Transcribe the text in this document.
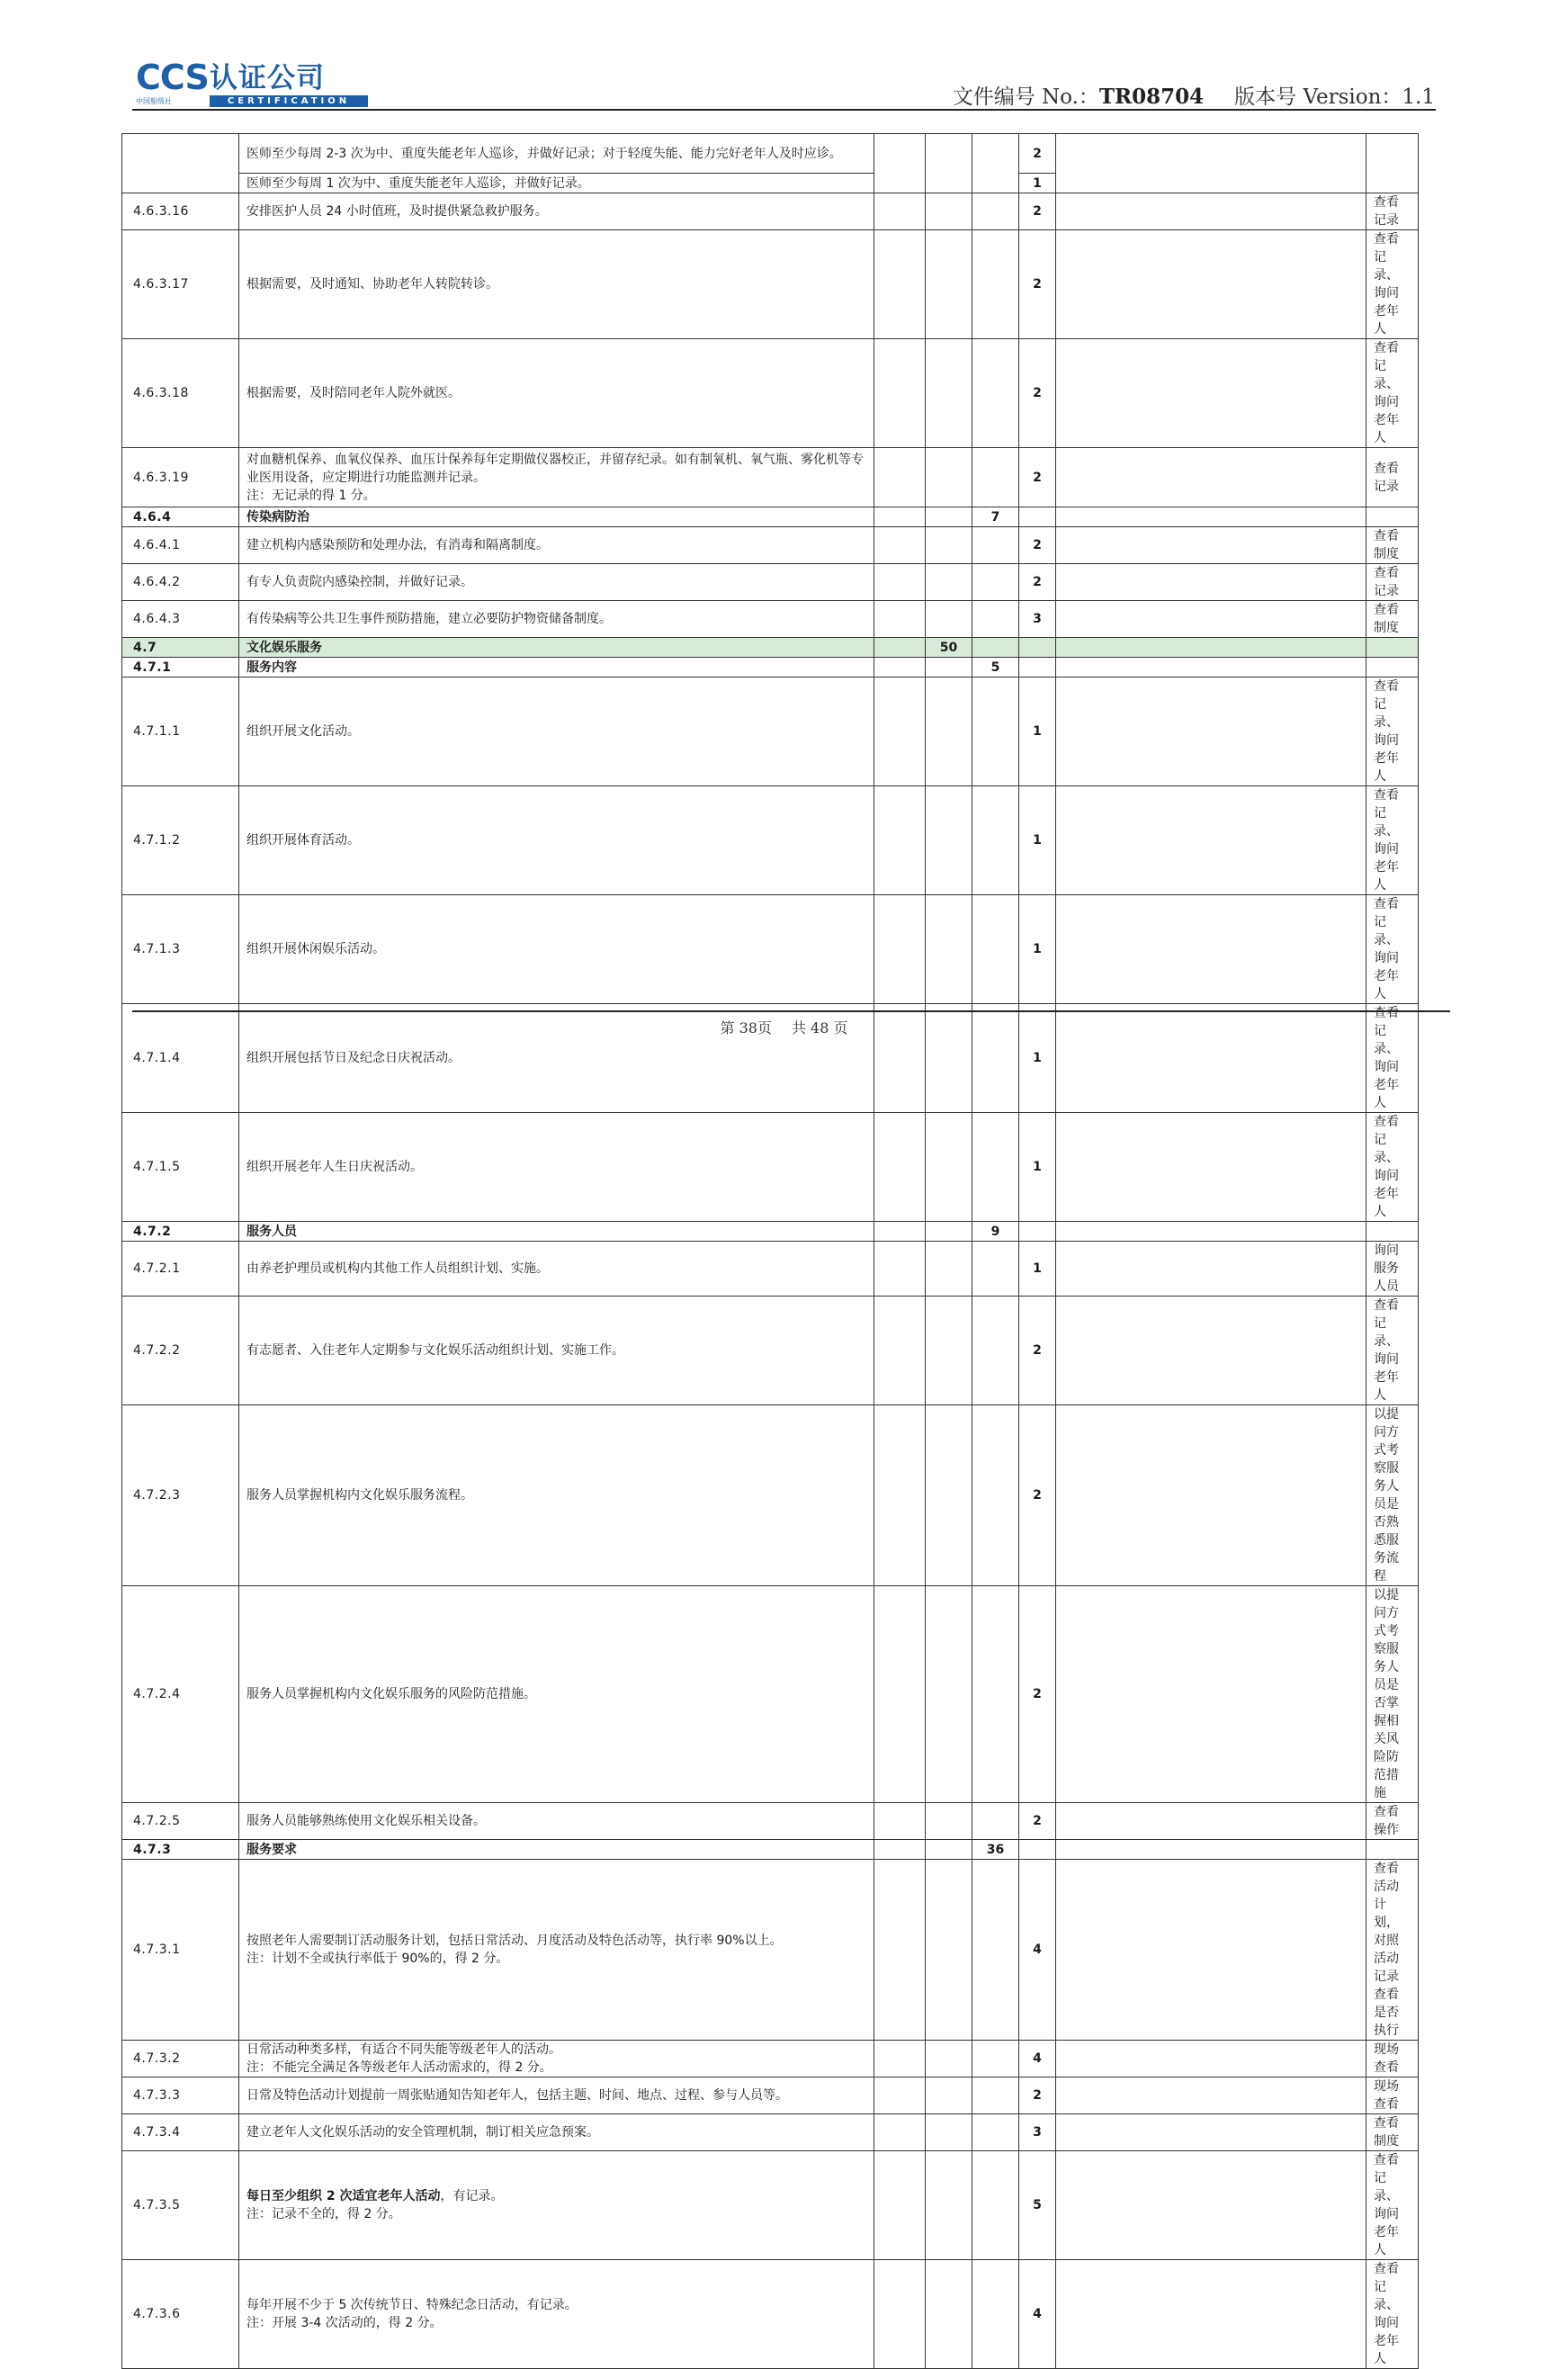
CCS 认证公司
中国船级社	CERTIFICATION	文件编号 No.：TR08704 版本号 Version：1.1
	医师至少每周 2-3 次为中、重度失能老年人巡诊，并做好记录；对于轻度失能、能力完好老年人及时应诊。				2		
	医师至少每周 1 次为中、重度失能老年人巡诊，并做好记录。				1		
4.6.3.16	安排医护人员 24 小时值班，及时提供紧急救护服务。				2		查看记录
4.6.3.17	根据需要，及时通知、协助老年人转院转诊。				2		查看记录、询问老年人
4.6.3.18	根据需要，及时陪同老年人院外就医。				2		查看记录、询问老年人
4.6.3.19	对血糖机保养、血氧仪保养、血压计保养每年定期做仪器校正，并留存纪录。如有制氧机、氧气瓶、雾化机等专业医用设备，应定期进行功能监测并记录。
注：无记录的得 1 分。				2		查看记录
4.6.4	传染病防治			7			
4.6.4.1	建立机构内感染预防和处理办法，有消毒和隔离制度。				2		查看制度
4.6.4.2	有专人负责院内感染控制，并做好记录。				2		查看记录
4.6.4.3	有传染病等公共卫生事件预防措施，建立必要防护物资储备制度。				3		查看制度
4.7	文化娱乐服务		50				
4.7.1	服务内容			5			
4.7.1.1	组织开展文化活动。				1		查看记录、询问老年人
4.7.1.2	组织开展体育活动。				1		查看记录、询问老年人
4.7.1.3	组织开展休闲娱乐活动。				1		查看记录、询问老年人
4.7.1.4	组织开展包括节日及纪念日庆祝活动。				1		查看记录、询问老年人
4.7.1.5	组织开展老年人生日庆祝活动。				1		查看记录、询问老年人
4.7.2	服务人员			9			
4.7.2.1	由养老护理员或机构内其他工作人员组织计划、实施。				1		询问服务人员
4.7.2.2	有志愿者、入住老年人定期参与文化娱乐活动组织计划、实施工作。				2		查看记录、询问老年人
4.7.2.3	服务人员掌握机构内文化娱乐服务流程。				2		以提问方式考察服务人员是否熟悉服务流程
4.7.2.4	服务人员掌握机构内文化娱乐服务的风险防范措施。				2		以提问方式考察服务人员是否掌握相关风险防范措施
4.7.2.5	服务人员能够熟练使用文化娱乐相关设备。				2		查看操作
4.7.3	服务要求			36			
4.7.3.1	按照老年人需要制订活动服务计划，包括日常活动、月度活动及特色活动等，执行率 90%以上。
注：计划不全或执行率低于 90%的，得 2 分。				4		查看活动计划，对照活动记录查看是否执行
4.7.3.2	日常活动种类多样，有适合不同失能等级老年人的活动。
注：不能完全满足各等级老年人活动需求的，得 2 分。				4		现场查看
4.7.3.3	日常及特色活动计划提前一周张贴通知告知老年人，包括主题、时间、地点、过程、参与人员等。				2		现场查看
4.7.3.4	建立老年人文化娱乐活动的安全管理机制，制订相关应急预案。				3		查看制度
4.7.3.5	每日至少组织 2 次适宜老年人活动，有记录。
注：记录不全的，得 2 分。				5		查看记录、询问老年人
4.7.3.6	每年开展不少于 5 次传统节日、特殊纪念日活动，有记录。
注：开展 3-4 次活动的，得 2 分。				4		查看记录、询问老年人
第 38页 共 48 页
